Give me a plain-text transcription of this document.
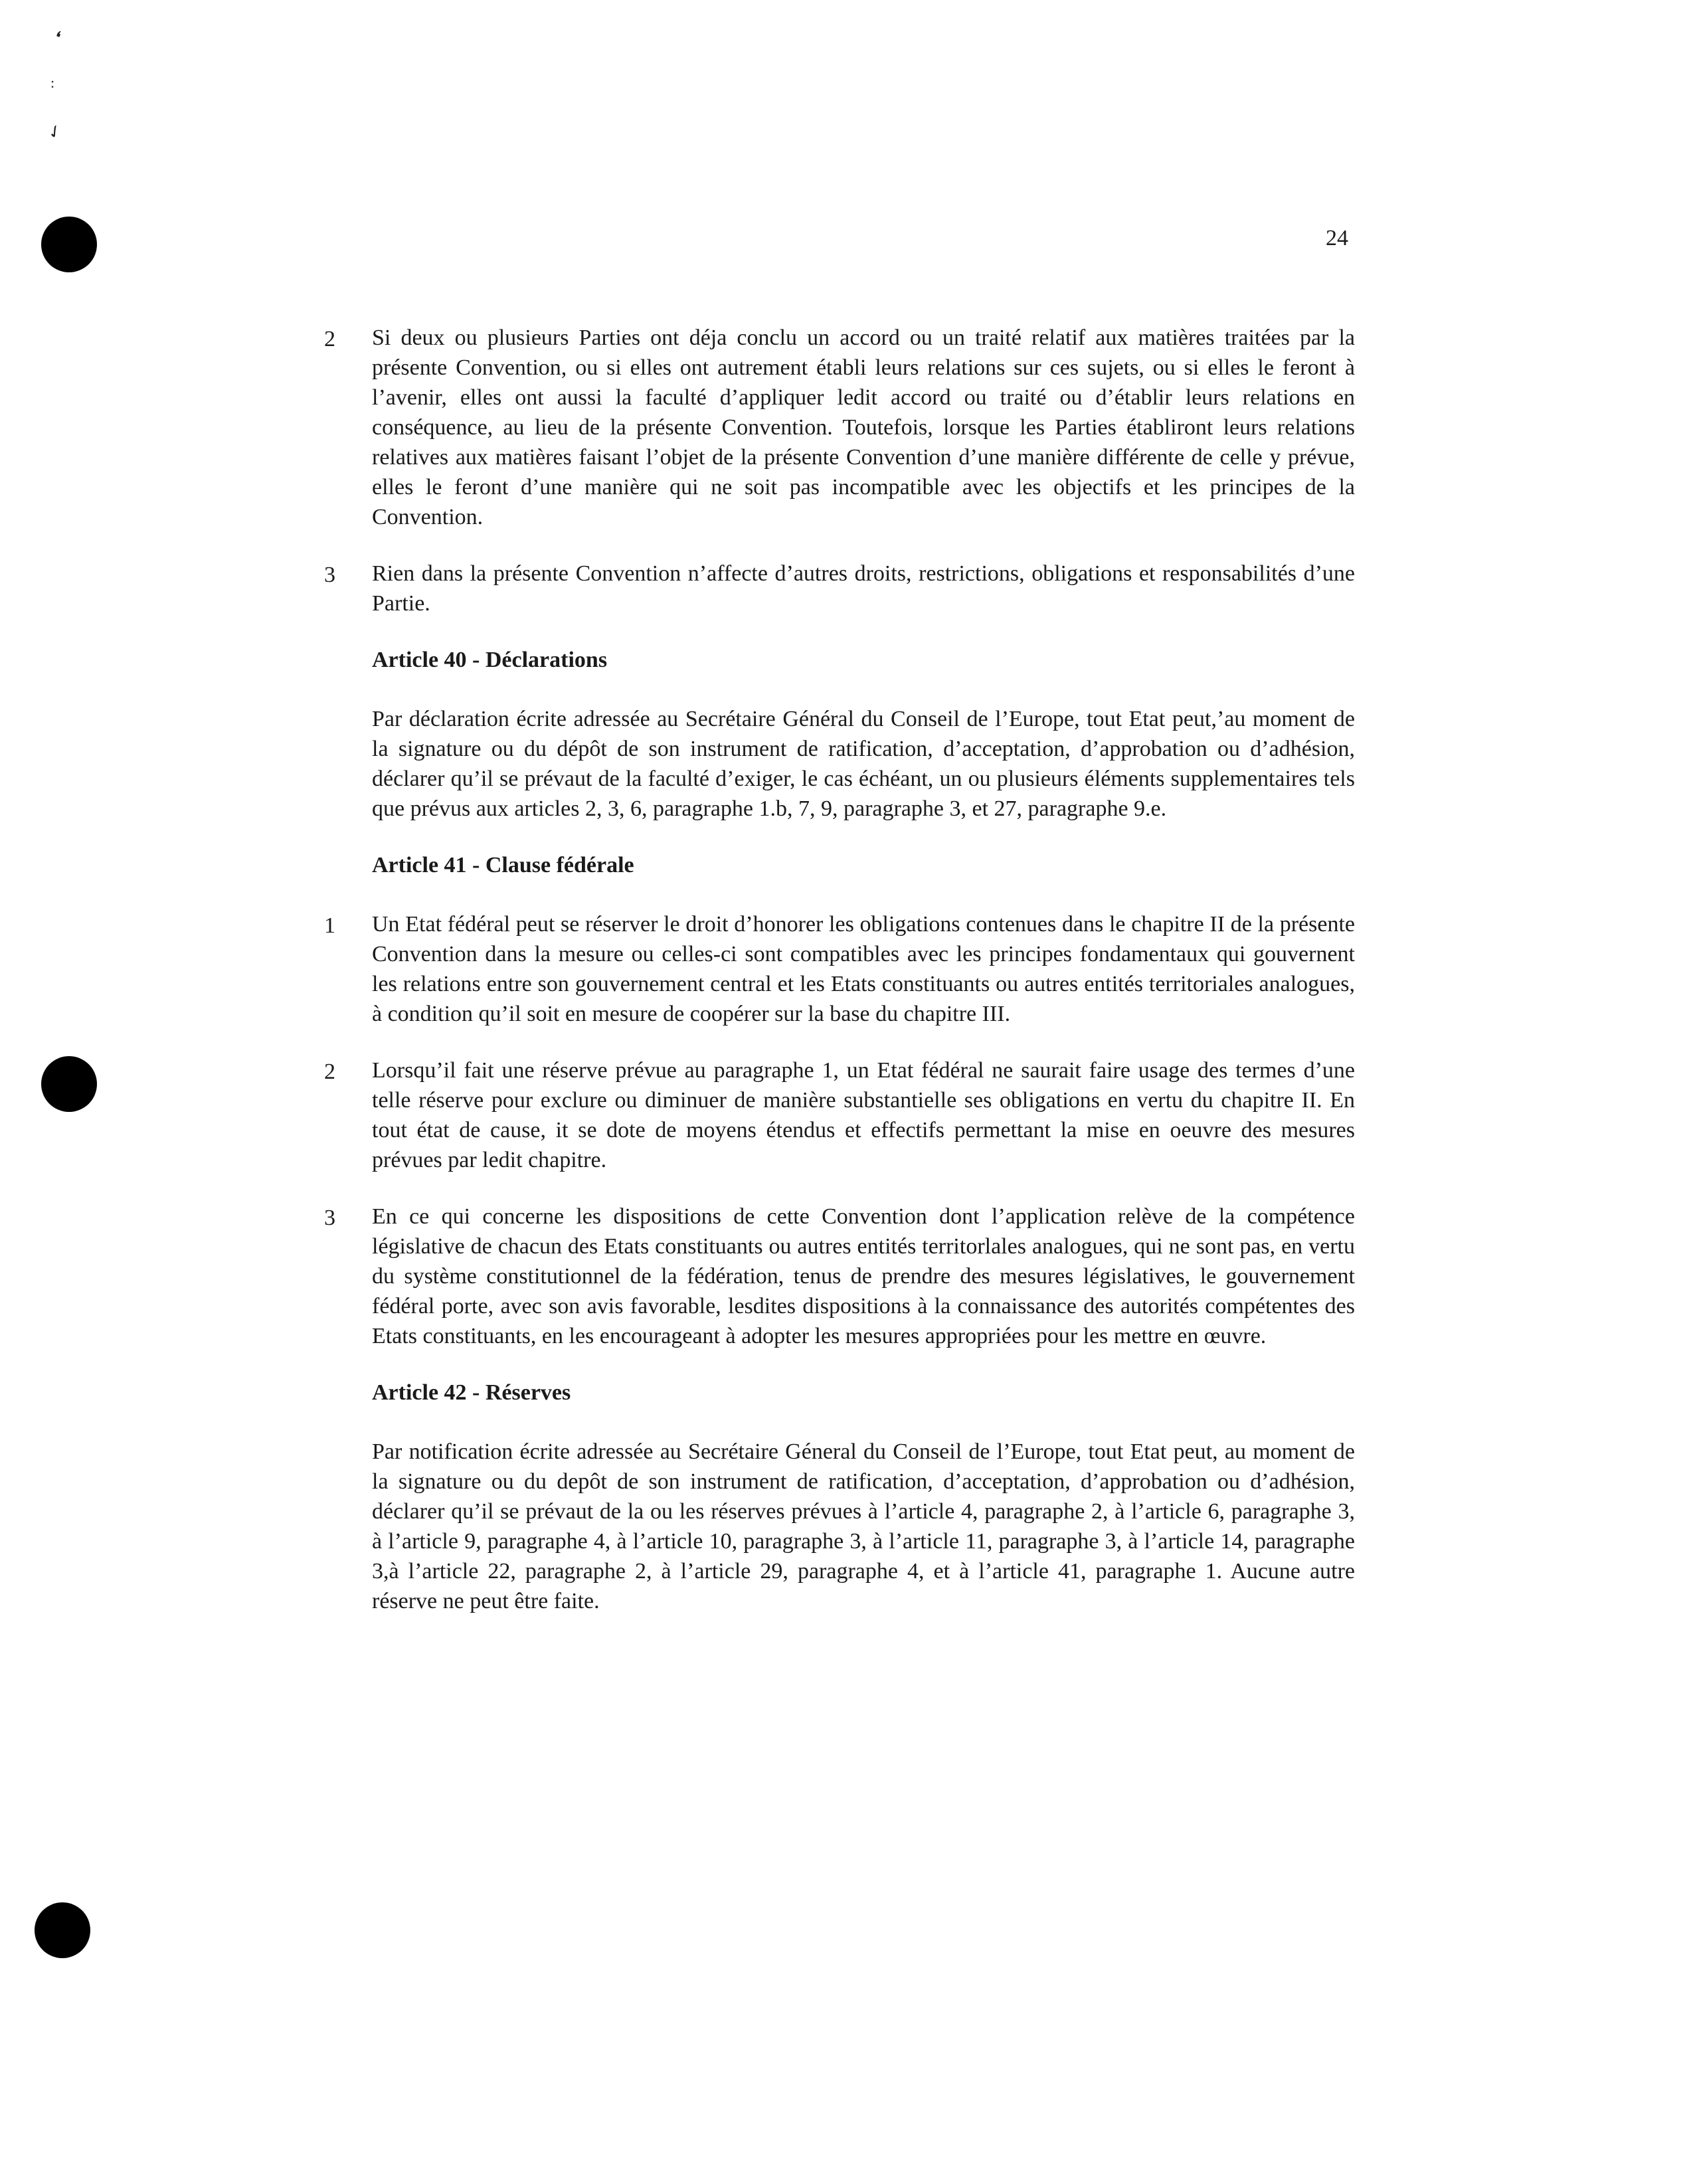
❛
:
✓
24
2	Si deux ou plusieurs Parties ont déja conclu un accord ou un traité relatif aux matières traitées par la présente Convention, ou si elles ont autrement établi leurs relations sur ces sujets, ou si elles le feront à l’avenir, elles ont aussi la faculté d’appliquer ledit accord ou traité ou d’établir leurs relations en conséquence, au lieu de la présente Convention. Toutefois, lorsque les Parties établiront leurs relations relatives aux matières faisant l’objet de la présente Convention d’une manière différente de celle y prévue, elles le feront d’une manière qui ne soit pas incompatible avec les objectifs et les principes de la Convention.
3	Rien dans la présente Convention n’affecte d’autres droits, restrictions, obligations et responsabilités d’une Partie.
Article 40 - Déclarations
Par déclaration écrite adressée au Secrétaire Général du Conseil de l’Europe, tout Etat peut,’au moment de la signature ou du dépôt de son instrument de ratification, d’acceptation, d’approbation ou d’adhésion, déclarer qu’il se prévaut de la faculté d’exiger, le cas échéant, un ou plusieurs éléments supplementaires tels que prévus aux articles 2, 3, 6, paragraphe 1.b, 7, 9, paragraphe 3, et 27, paragraphe 9.e.
Article 41 - Clause fédérale
1	Un Etat fédéral peut se réserver le droit d’honorer les obligations contenues dans le chapitre II de la présente Convention dans la mesure ou celles-ci sont compatibles avec les principes fondamentaux qui gouvernent les relations entre son gouvernement central et les Etats constituants ou autres entités territoriales analogues, à condition qu’il soit en mesure de coopérer sur la base du chapitre III.
2	Lorsqu’il fait une réserve prévue au paragraphe 1, un Etat fédéral ne saurait faire usage des termes d’une telle réserve pour exclure ou diminuer de manière substantielle ses obligations en vertu du chapitre II. En tout état de cause, it se dote de moyens étendus et effectifs permettant la mise en oeuvre des mesures prévues par ledit chapitre.
3	En ce qui concerne les dispositions de cette Convention dont l’application relève de la compétence législative de chacun des Etats constituants ou autres entités territorlales analogues, qui ne sont pas, en vertu du système constitutionnel de la fédération, tenus de prendre des mesures législatives, le gouvernement fédéral porte, avec son avis favorable, lesdites dispositions à la connaissance des autorités compétentes des Etats constituants, en les encourageant à adopter les mesures appropriées pour les mettre en œuvre.
Article 42 - Réserves
Par notification écrite adressée au Secrétaire Géneral du Conseil de l’Europe, tout Etat peut, au moment de la signature ou du depôt de son instrument de ratification, d’acceptation, d’approbation ou d’adhésion, déclarer qu’il se prévaut de la ou les réserves prévues à l’article 4, paragraphe 2, à l’article 6, paragraphe 3, à l’article 9, paragraphe 4, à l’article 10, paragraphe 3, à l’article 11, paragraphe 3, à l’article 14, paragraphe 3,à l’article 22, paragraphe 2, à l’article 29, paragraphe 4, et à l’article 41, paragraphe 1. Aucune autre réserve ne peut être faite.
